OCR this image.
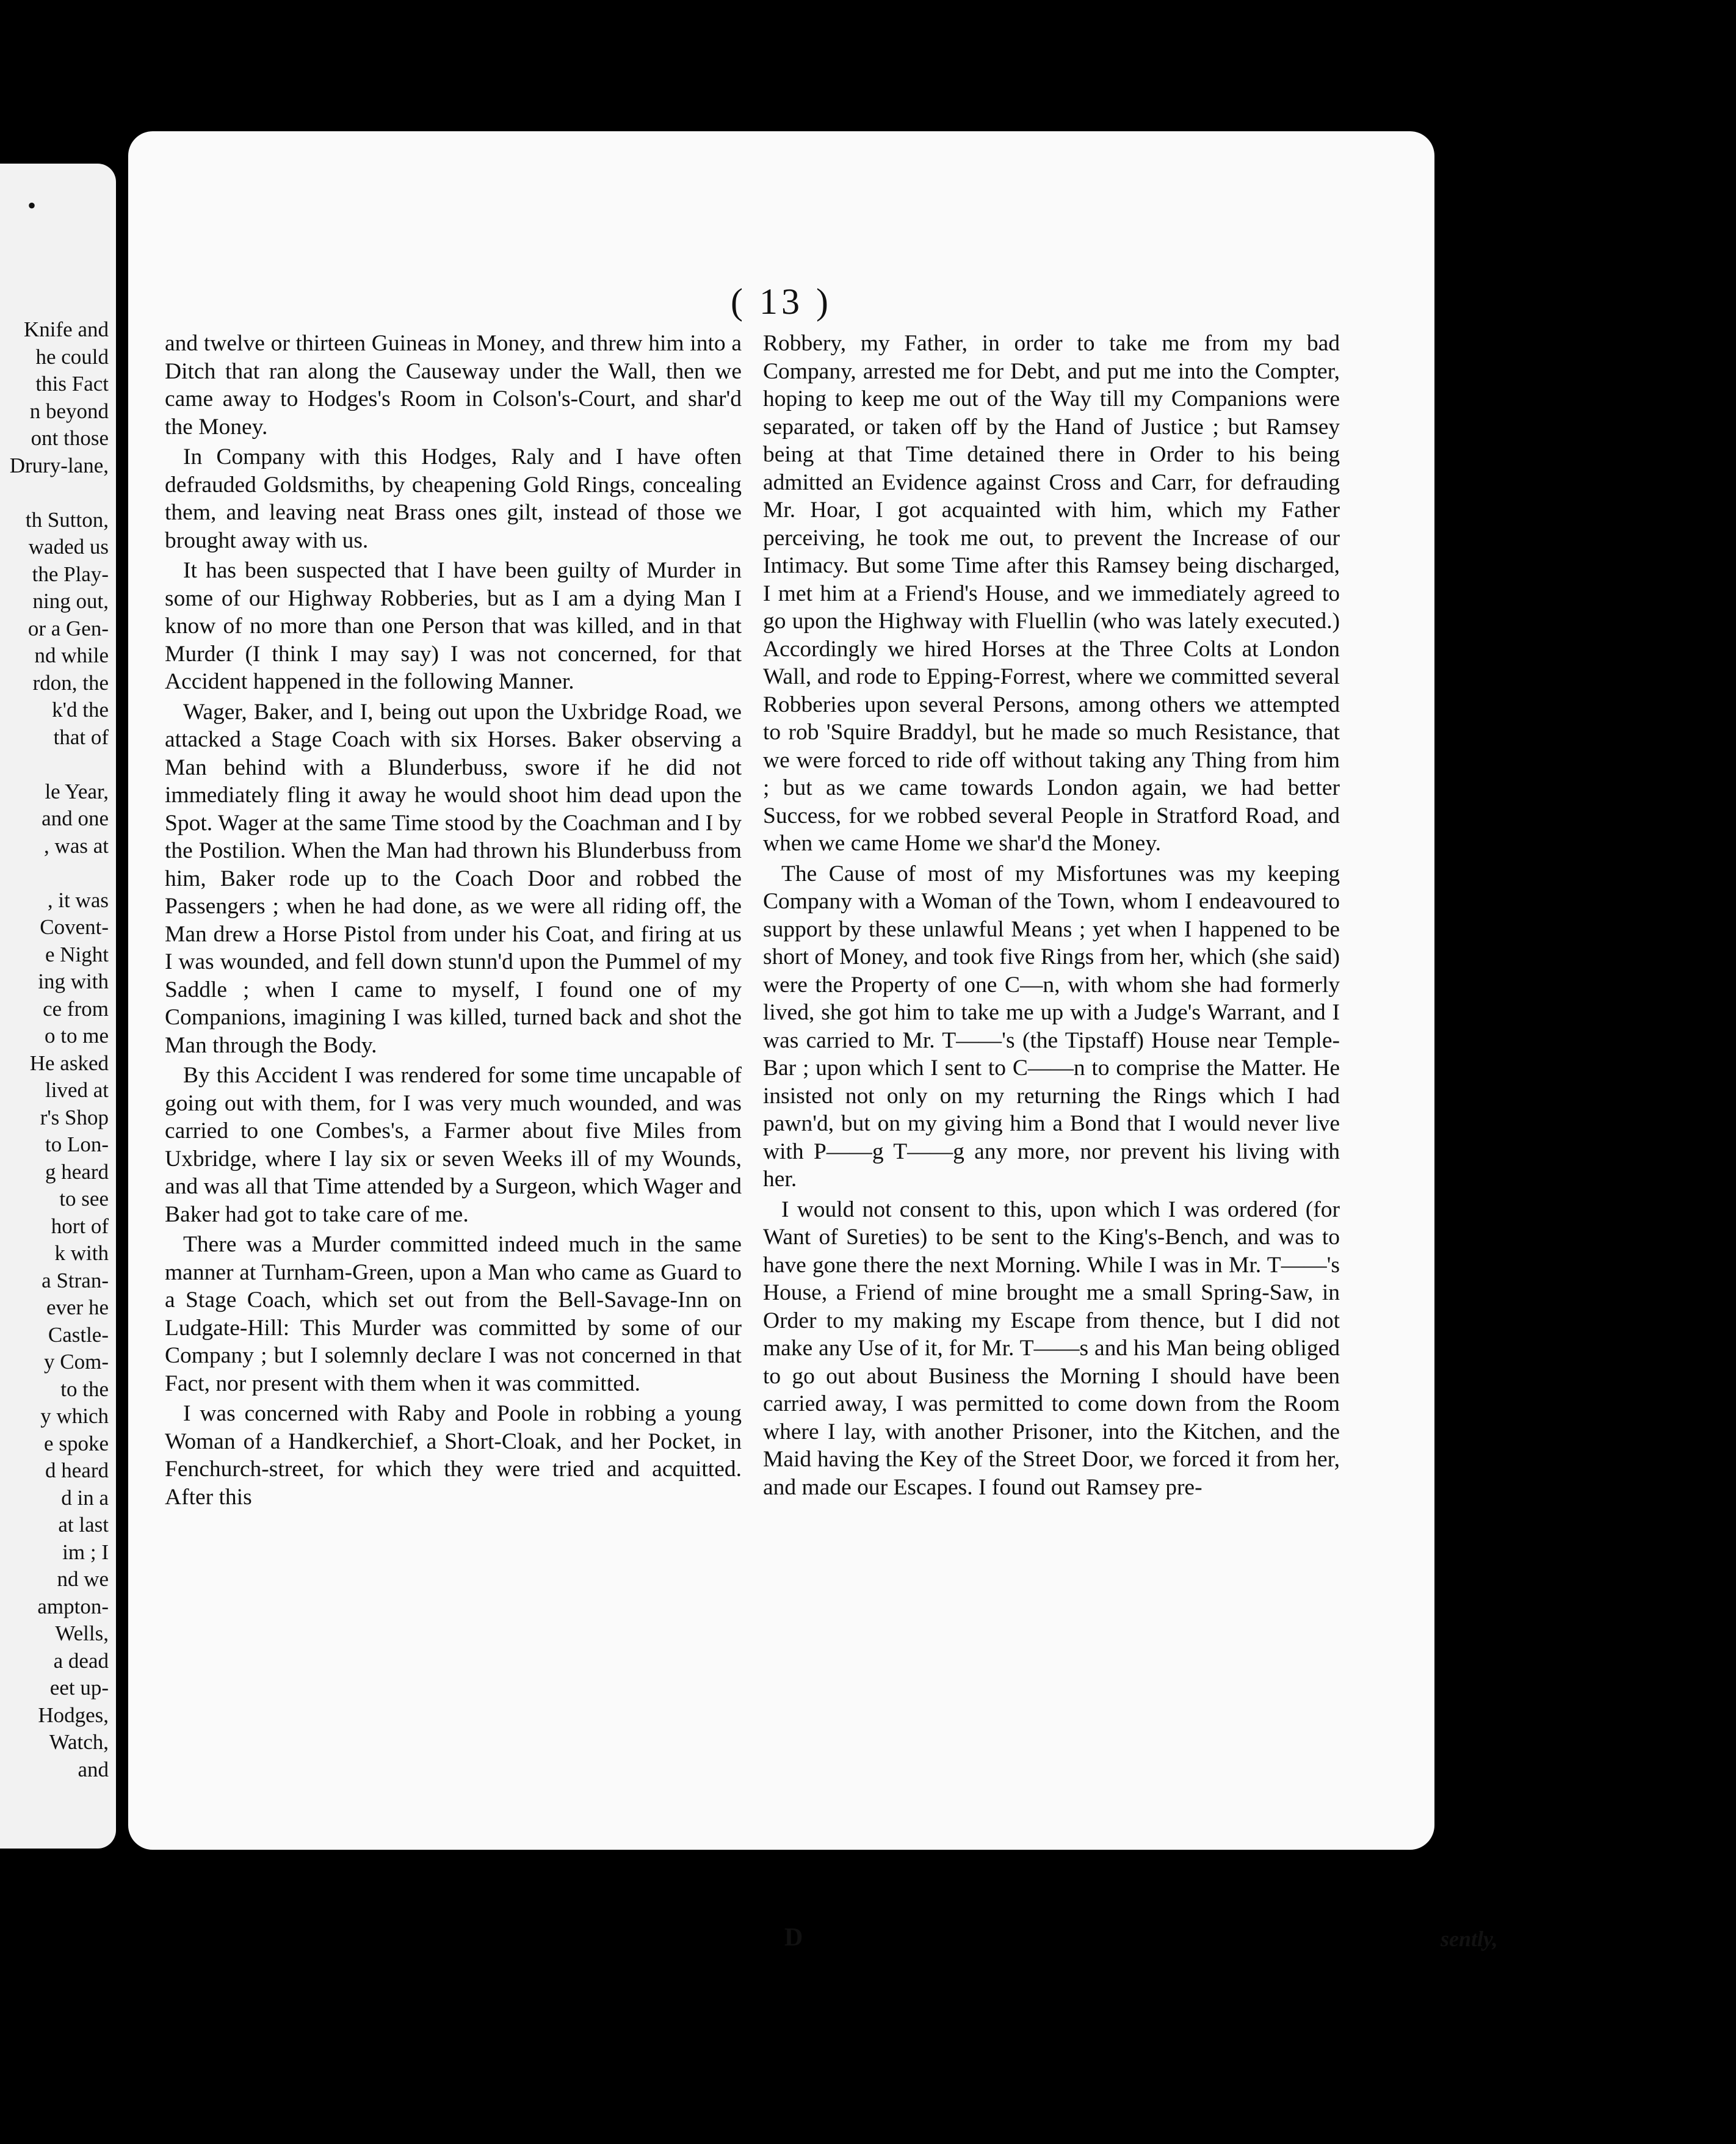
•
Knife and
he could
this Fact
n beyond
ont those
Drury-lane,

th Sutton,
waded us
the Play-
ning out,
or a Gen-
nd while
rdon, the
k'd the
that of

le Year,
and one
, was at

, it was
Covent-
e Night
ing with
ce from
o to me
He asked
lived at
r's Shop
to Lon-
g heard
to see
hort of
k with
a Stran-
ever he
Castle-
y Com-
to the
y which
e spoke
d heard
d in a
at last
im ; I
nd we
ampton-
Wells,
a dead
eet up-
Hodges,
Watch,
and
( 13 )

and twelve or thirteen Guineas in Money, and threw him into a Ditch that ran along the Causeway under the Wall, then we came away to Hodges's Room in Colson's-Court, and shar'd the Money.

In Company with this Hodges, Raly and I have often defrauded Goldsmiths, by cheapening Gold Rings, concealing them, and leaving neat Brass ones gilt, instead of those we brought away with us.

It has been suspected that I have been guilty of Murder in some of our Highway Robberies, but as I am a dying Man I know of no more than one Person that was killed, and in that Murder (I think I may say) I was not concerned, for that Accident happened in the following Manner.

Wager, Baker, and I, being out upon the Uxbridge Road, we attacked a Stage Coach with six Horses. Baker observing a Man behind with a Blunderbuss, swore if he did not immediately fling it away he would shoot him dead upon the Spot. Wager at the same Time stood by the Coachman and I by the Postilion. When the Man had thrown his Blunderbuss from him, Baker rode up to the Coach Door and robbed the Passengers ; when he had done, as we were all riding off, the Man drew a Horse Pistol from under his Coat, and firing at us I was wounded, and fell down stunn'd upon the Pummel of my Saddle ; when I came to myself, I found one of my Companions, imagining I was killed, turned back and shot the Man through the Body.

By this Accident I was rendered for some time uncapable of going out with them, for I was very much wounded, and was carried to one Combes's, a Farmer about five Miles from Uxbridge, where I lay six or seven Weeks ill of my Wounds, and was all that Time attended by a Surgeon, which Wager and Baker had got to take care of me.

There was a Murder committed indeed much in the same manner at Turnham-Green, upon a Man who came as Guard to a Stage Coach, which set out from the Bell-Savage-Inn on Ludgate-Hill: This Murder was committed by some of our Company ; but I solemnly declare I was not concerned in that Fact, nor present with them when it was committed.

I was concerned with Raby and Poole in robbing a young Woman of a Handkerchief, a Short-Cloak, and her Pocket, in Fenchurch-street, for which they were tried and acquitted. After this

Robbery, my Father, in order to take me from my bad Company, arrested me for Debt, and put me into the Compter, hoping to keep me out of the Way till my Companions were separated, or taken off by the Hand of Justice ; but Ramsey being at that Time detained there in Order to his being admitted an Evidence against Cross and Carr, for defrauding Mr. Hoar, I got acquainted with him, which my Father perceiving, he took me out, to prevent the Increase of our Intimacy. But some Time after this Ramsey being discharged, I met him at a Friend's House, and we immediately agreed to go upon the Highway with Fluellin (who was lately executed.) Accordingly we hired Horses at the Three Colts at London Wall, and rode to Epping-Forrest, where we committed several Robberies upon several Persons, among others we attempted to rob 'Squire Braddyl, but he made so much Resistance, that we were forced to ride off without taking any Thing from him ; but as we came towards London again, we had better Success, for we robbed several People in Stratford Road, and when we came Home we shar'd the Money.

The Cause of most of my Misfortunes was my keeping Company with a Woman of the Town, whom I endeavoured to support by these unlawful Means ; yet when I happened to be short of Money, and took five Rings from her, which (she said) were the Property of one C—n, with whom she had formerly lived, she got him to take me up with a Judge's Warrant, and I was carried to Mr. T——'s (the Tipstaff) House near Temple-Bar ; upon which I sent to C——n to comprise the Matter. He insisted not only on my returning the Rings which I had pawn'd, but on my giving him a Bond that I would never live with P——g T——g any more, nor prevent his living with her.

I would not consent to this, upon which I was ordered (for Want of Sureties) to be sent to the King's-Bench, and was to have gone there the next Morning. While I was in Mr. T——'s House, a Friend of mine brought me a small Spring-Saw, in Order to my making my Escape from thence, but I did not make any Use of it, for Mr. T——s and his Man being obliged to go out about Business the Morning I should have been carried away, I was permitted to come down from the Room where I lay, with another Prisoner, into the Kitchen, and the Maid having the Key of the Street Door, we forced it from her, and made our Escapes. I found out Ramsey pre-

D	sently,
